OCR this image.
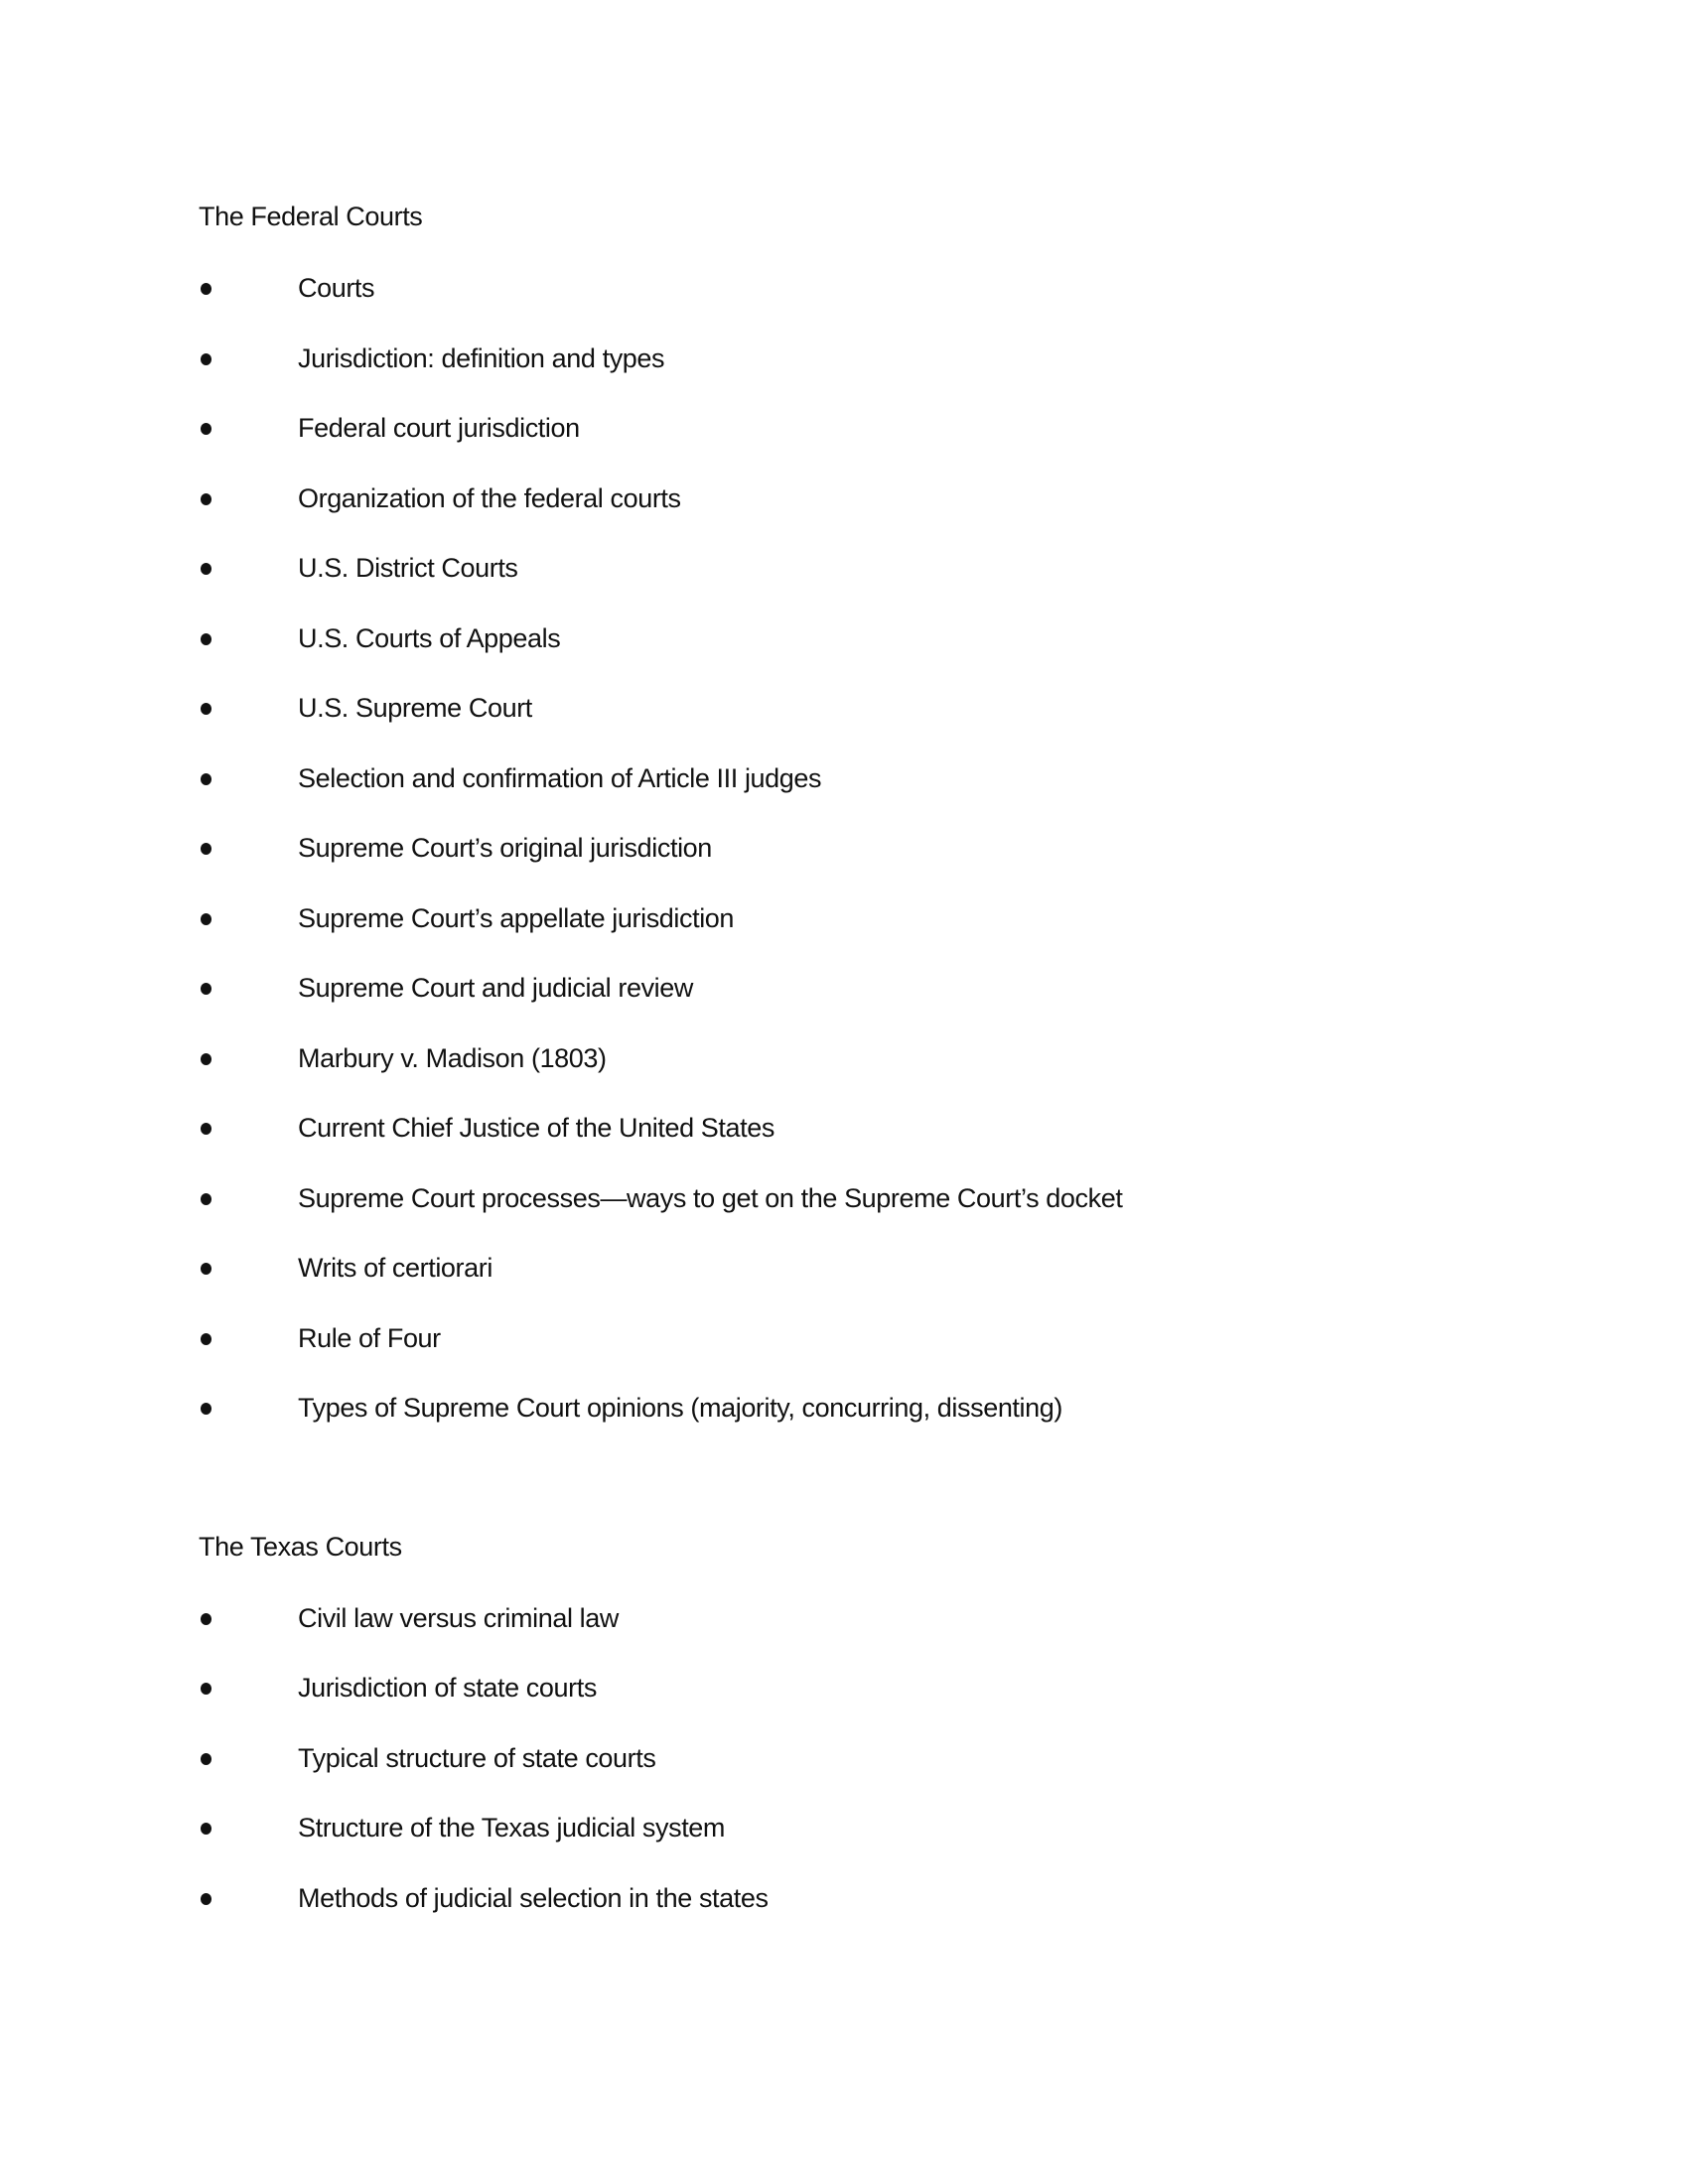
The Federal Courts
Courts
Jurisdiction: definition and types
Federal court jurisdiction
Organization of the federal courts
U.S. District Courts
U.S. Courts of Appeals
U.S. Supreme Court
Selection and confirmation of Article III judges
Supreme Court’s original jurisdiction
Supreme Court’s appellate jurisdiction
Supreme Court and judicial review
Marbury v. Madison (1803)
Current Chief Justice of the United States
Supreme Court processes—ways to get on the Supreme Court’s docket
Writs of certiorari
Rule of Four
Types of Supreme Court opinions (majority, concurring, dissenting)
The Texas Courts
Civil law versus criminal law
Jurisdiction of state courts
Typical structure of state courts
Structure of the Texas judicial system
Methods of judicial selection in the states
